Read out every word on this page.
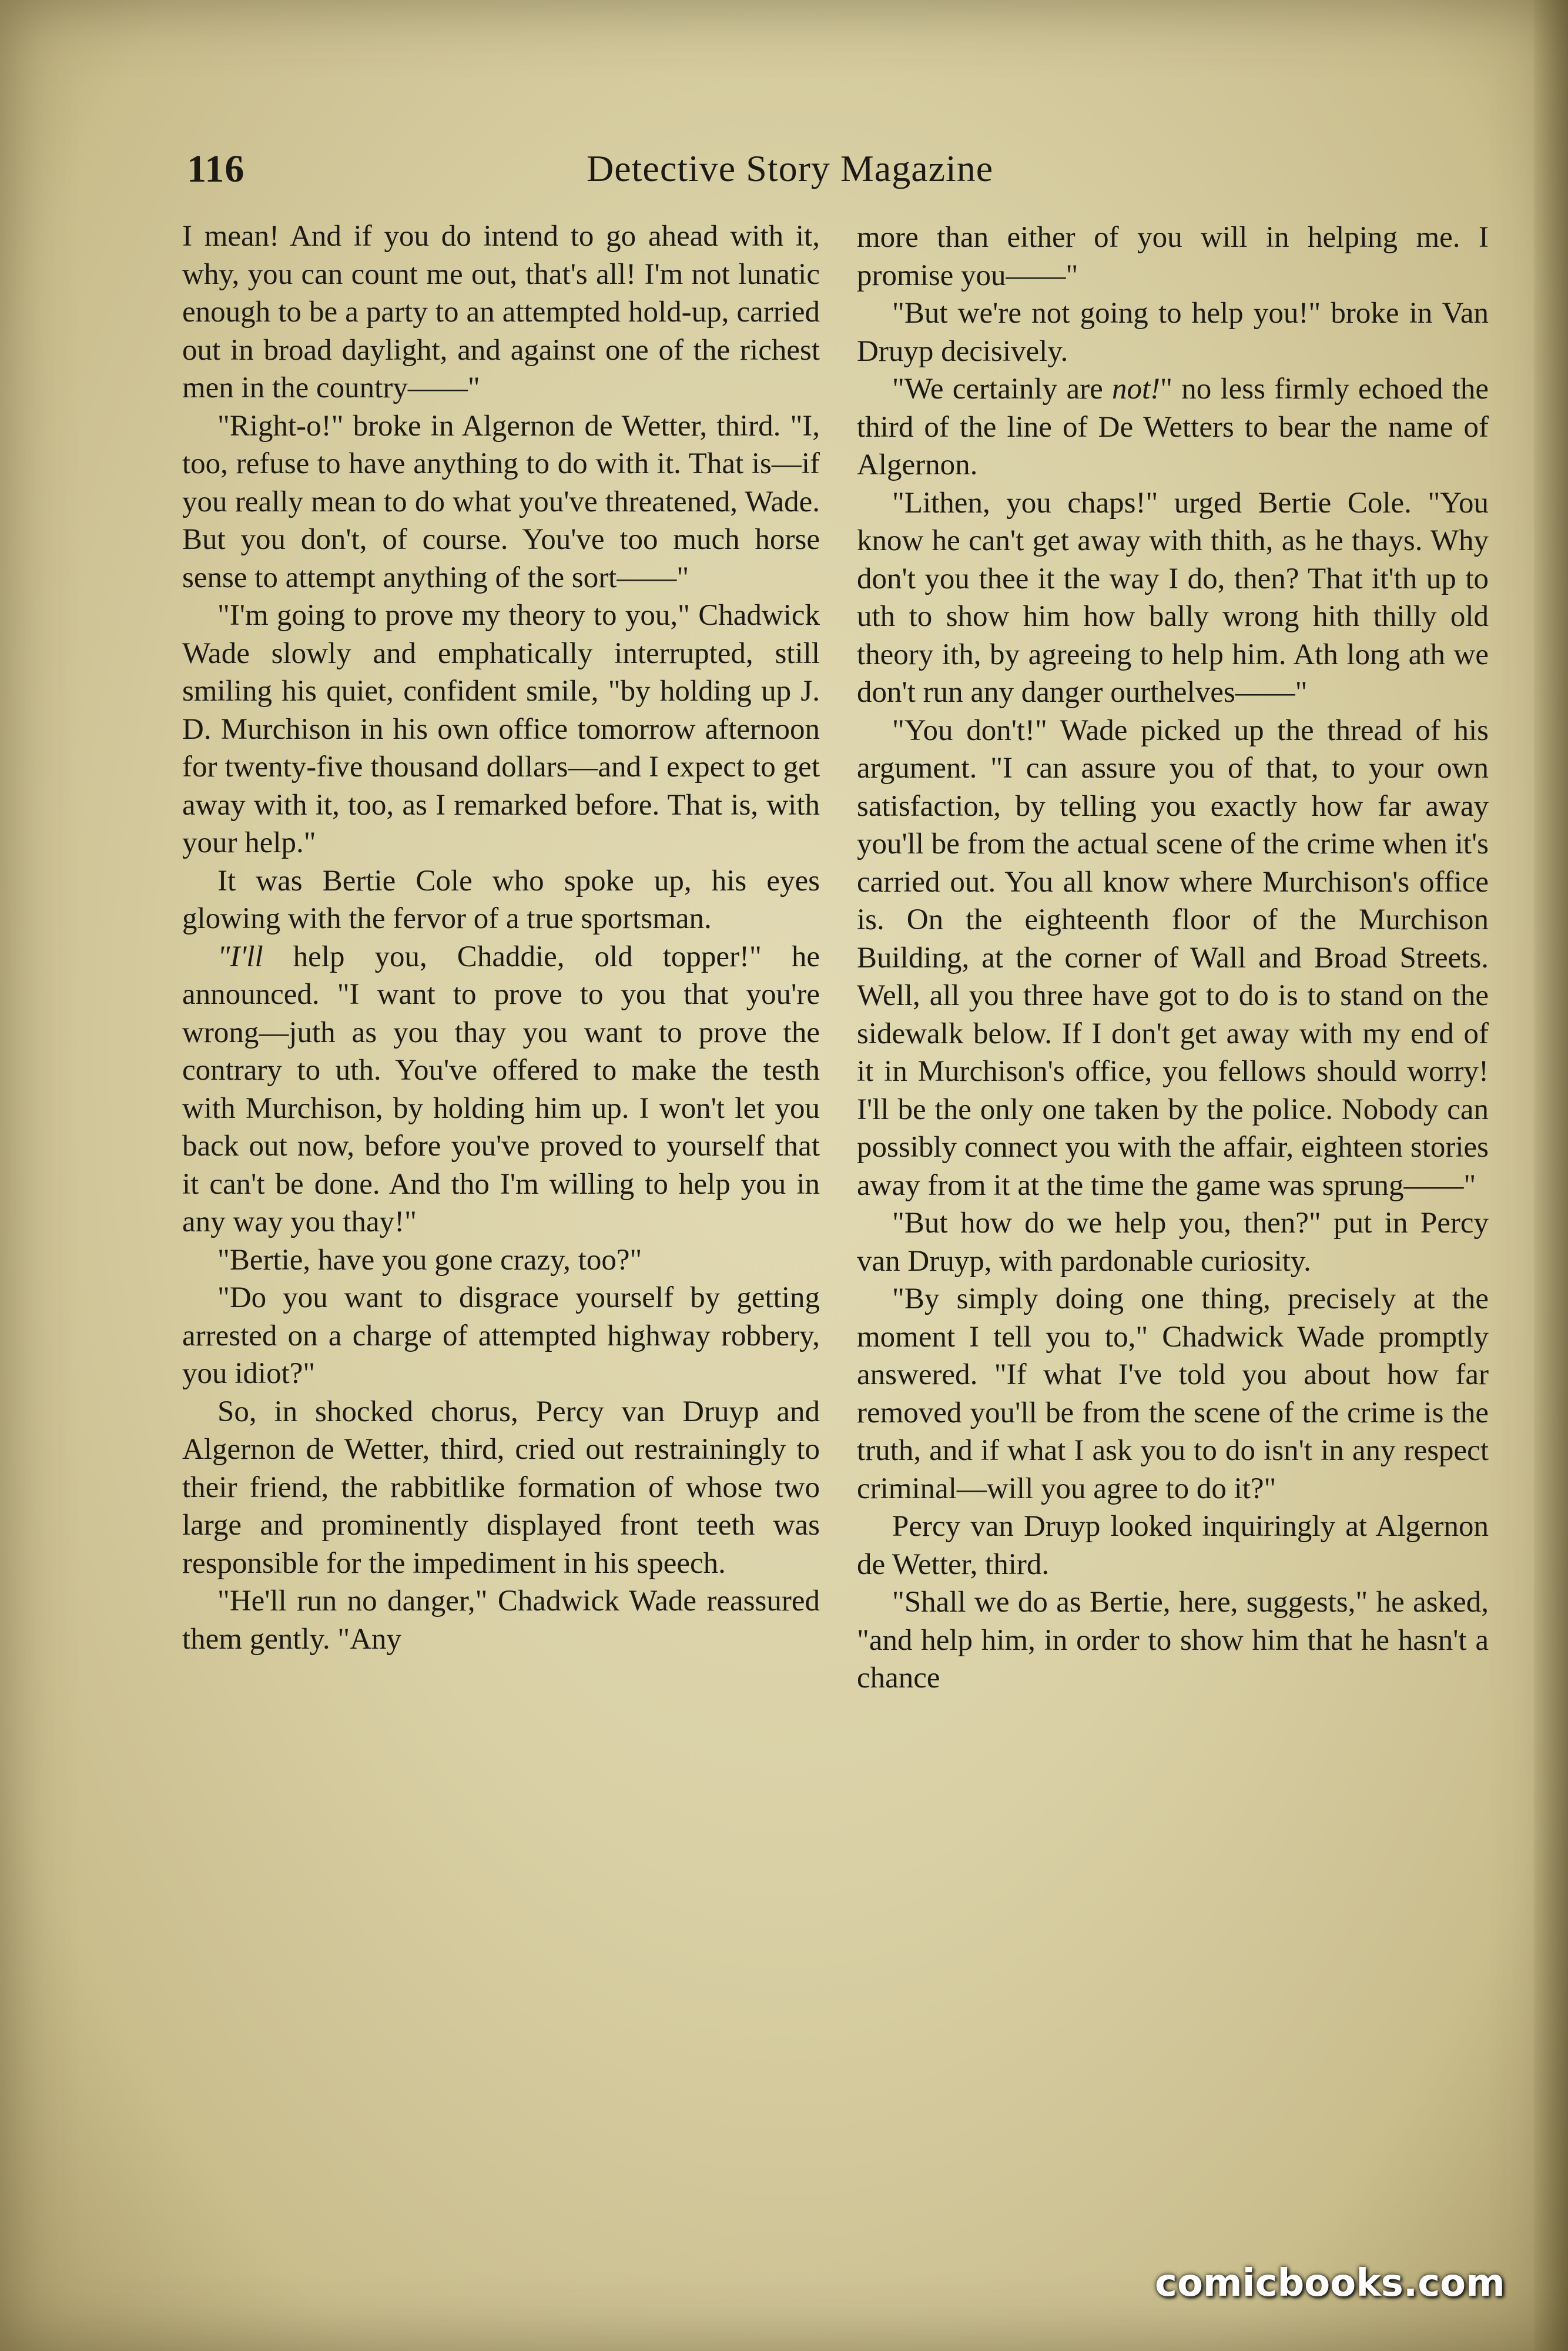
116	Detective Story Magazine

I mean! And if you do intend to go ahead with it, why, you can count me out, that's all! I'm not lunatic enough to be a party to an attempted hold-up, carried out in broad daylight, and against one of the richest men in the country——"

"Right-o!" broke in Algernon de Wetter, third. "I, too, refuse to have anything to do with it. That is—if you really mean to do what you've threatened, Wade. But you don't, of course. You've too much horse sense to attempt anything of the sort——"

"I'm going to prove my theory to you," Chadwick Wade slowly and emphatically interrupted, still smiling his quiet, confident smile, "by holding up J. D. Murchison in his own office tomorrow afternoon for twenty-five thousand dollars—and I expect to get away with it, too, as I remarked before. That is, with your help."

It was Bertie Cole who spoke up, his eyes glowing with the fervor of a true sportsman.

"I'll help you, Chaddie, old topper!" he announced. "I want to prove to you that you're wrong—juth as you thay you want to prove the contrary to uth. You've offered to make the testh with Murchison, by holding him up. I won't let you back out now, before you've proved to yourself that it can't be done. And tho I'm willing to help you in any way you thay!"

"Bertie, have you gone crazy, too?"

"Do you want to disgrace yourself by getting arrested on a charge of attempted highway robbery, you idiot?"

So, in shocked chorus, Percy van Druyp and Algernon de Wetter, third, cried out restrainingly to their friend, the rabbitlike formation of whose two large and prominently displayed front teeth was responsible for the impediment in his speech.

"He'll run no danger," Chadwick Wade reassured them gently. "Any

more than either of you will in helping me. I promise you——"

"But we're not going to help you!" broke in Van Druyp decisively.

"We certainly are not!" no less firmly echoed the third of the line of De Wetters to bear the name of Algernon.

"Lithen, you chaps!" urged Bertie Cole. "You know he can't get away with thith, as he thays. Why don't you thee it the way I do, then? That it'th up to uth to show him how bally wrong hith thilly old theory ith, by agreeing to help him. Ath long ath we don't run any danger ourthelves——"

"You don't!" Wade picked up the thread of his argument. "I can assure you of that, to your own satisfaction, by telling you exactly how far away you'll be from the actual scene of the crime when it's carried out. You all know where Murchison's office is. On the eighteenth floor of the Murchison Building, at the corner of Wall and Broad Streets. Well, all you three have got to do is to stand on the sidewalk below. If I don't get away with my end of it in Murchison's office, you fellows should worry! I'll be the only one taken by the police. Nobody can possibly connect you with the affair, eighteen stories away from it at the time the game was sprung——"

"But how do we help you, then?" put in Percy van Druyp, with pardonable curiosity.

"By simply doing one thing, precisely at the moment I tell you to," Chadwick Wade promptly answered. "If what I've told you about how far removed you'll be from the scene of the crime is the truth, and if what I ask you to do isn't in any respect criminal—will you agree to do it?"

Percy van Druyp looked inquiringly at Algernon de Wetter, third.

"Shall we do as Bertie, here, suggests," he asked, "and help him, in order to show him that he hasn't a chance

comicbooks.com
